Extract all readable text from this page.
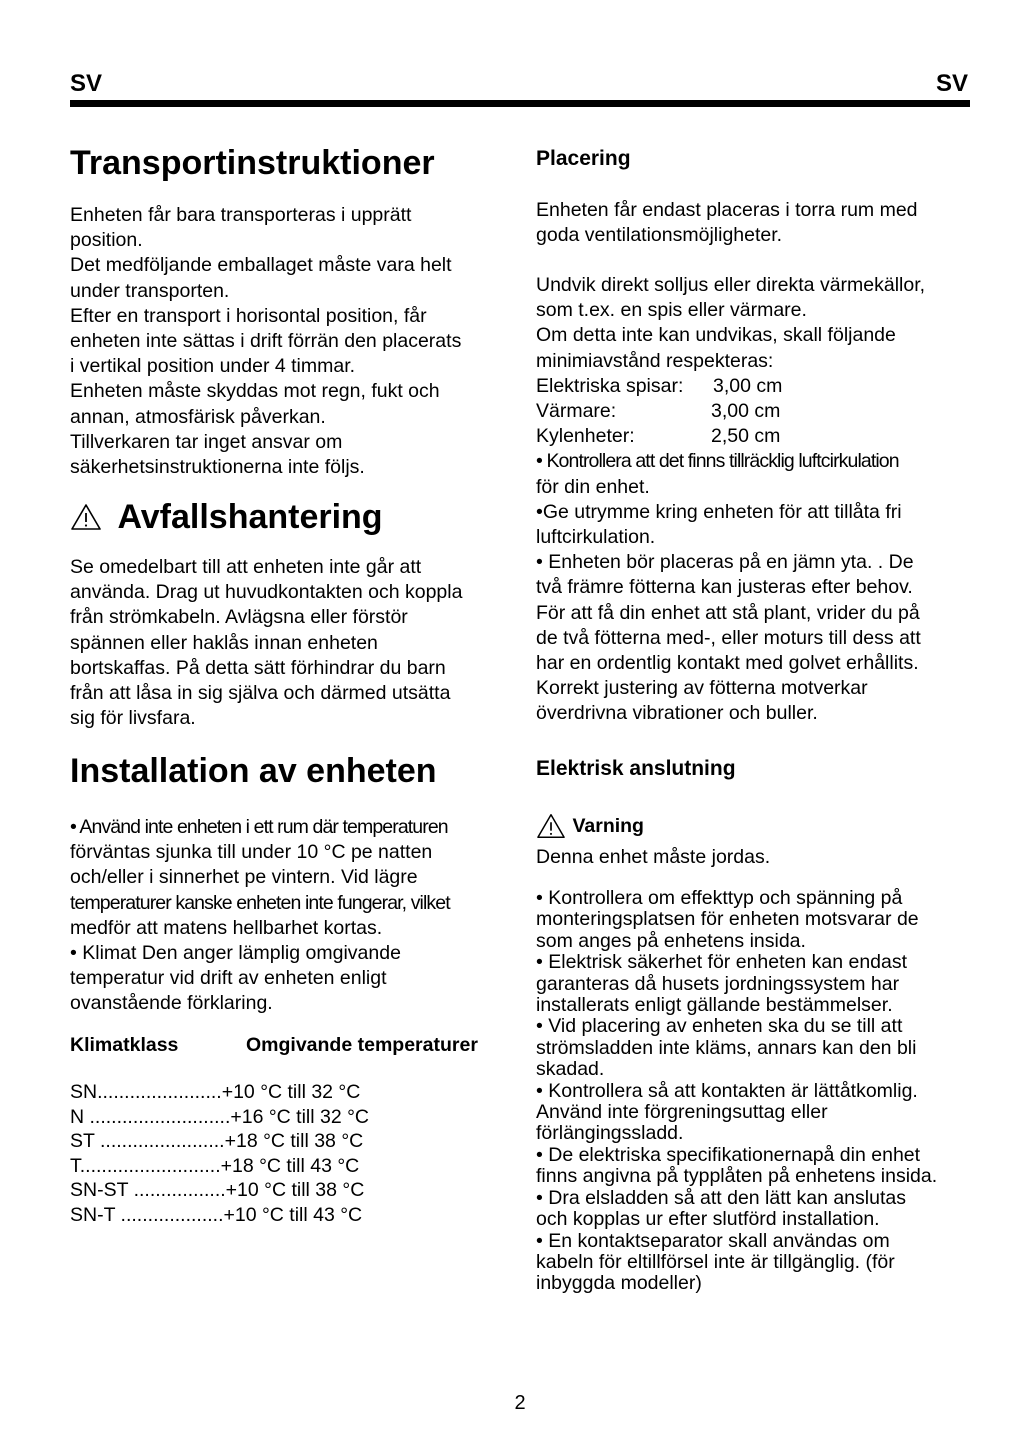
SV	SV
Transportinstruktioner
Enheten får bara transporteras i upprätt
position.
Det medföljande emballaget måste vara helt
under transporten.
Efter en transport i horisontal position, får
enheten inte sättas i drift förrän den placerats
i vertikal position under 4 timmar.
Enheten måste skyddas mot regn, fukt och
annan, atmosfärisk påverkan.
Tillverkaren tar inget ansvar om
säkerhetsinstruktionerna inte följs.
Avfallshantering
Se omedelbart till att enheten inte går att
använda. Drag ut huvudkontakten och koppla
från strömkabeln. Avlägsna eller förstör
spännen eller haklås innan enheten
bortskaffas. På detta sätt förhindrar du barn
från att låsa in sig själva och därmed utsätta
sig för livsfara.
Installation av enheten
• Använd inte enheten i ett rum där temperaturen
förväntas sjunka till under 10 °C pe natten
och/eller i sinnerhet pe vintern. Vid lägre
temperaturer kanske enheten inte fungerar, vilket
medför att matens hellbarhet kortas.
• Klimat Den anger lämplig omgivande
temperatur vid drift av enheten enligt
ovanstående förklaring.
Klimatklass	Omgivande temperaturer
SN.......................+10 °C till 32 °C
N ..........................+16 °C till 32 °C
ST .......................+18 °C till 38 °C
T..........................+18 °C till 43 °C
SN-ST .................+10 °C till 38 °C
SN-T ...................+10 °C till 43 °C
Placering
Enheten får endast placeras i torra rum med
goda ventilationsmöjligheter.
Undvik direkt solljus eller direkta värmekällor,
som t.ex. en spis eller värmare.
Om detta inte kan undvikas, skall följande
minimiavstånd respekteras:
Elektriska spisar: 3,00 cm
Värmare:	3,00 cm
Kylenheter:	2,50 cm
• Kontrollera att det finns tillräcklig luftcirkulation
för din enhet.
•Ge utrymme kring enheten för att tillåta fri
luftcirkulation.
• Enheten bör placeras på en jämn yta. . De
två främre fötterna kan justeras efter behov.
För att få din enhet att stå plant, vrider du på
de två fötterna med-, eller moturs till dess att
har en ordentlig kontakt med golvet erhållits.
Korrekt justering av fötterna motverkar
överdrivna vibrationer och buller.
Elektrisk anslutning
Varning
Denna enhet måste jordas.
• Kontrollera om effekttyp och spänning på
monteringsplatsen för enheten motsvarar de
som anges på enhetens insida.
• Elektrisk säkerhet för enheten kan endast
garanteras då husets jordningssystem har
installerats enligt gällande bestämmelser.
• Vid placering av enheten ska du se till att
strömsladden inte kläms, annars kan den bli
skadad.
• Kontrollera så att kontakten är lättåtkomlig.
Använd inte förgreningsuttag eller
förlängingssladd.
• De elektriska specifikationernapå din enhet
finns angivna på typplåten på enhetens insida.
• Dra elsladden så att den lätt kan anslutas
och kopplas ur efter slutförd installation.
• En kontaktseparator skall användas om
kabeln för eltillförsel inte är tillgänglig. (för
inbyggda modeller)
2
